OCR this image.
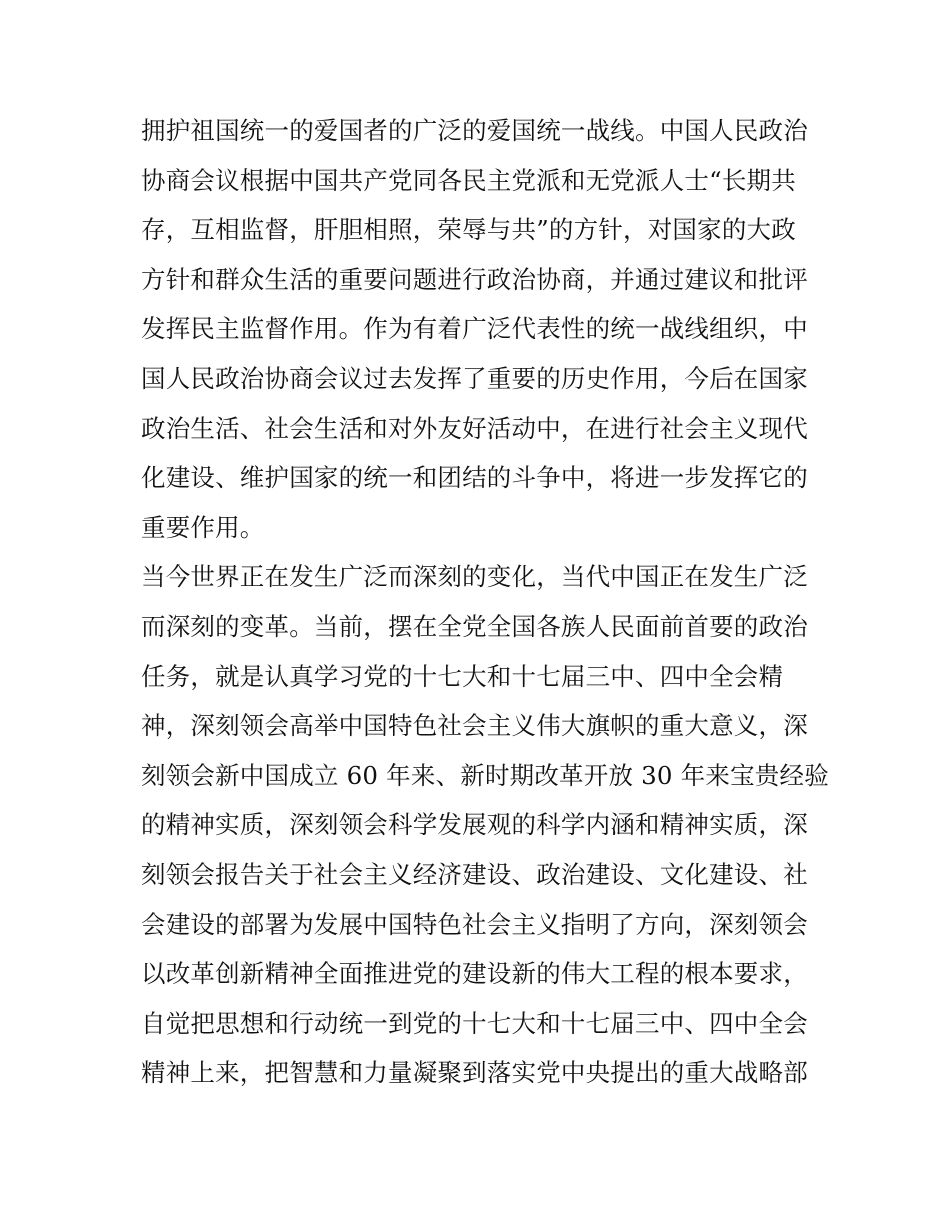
拥护祖国统一的爱国者的广泛的爱国统一战线。中国人民政治
协商会议根据中国共产党同各民主党派和无党派人士“长期共
存，互相监督，肝胆相照，荣辱与共”的方针，对国家的大政
方针和群众生活的重要问题进行政治协商，并通过建议和批评
发挥民主监督作用。作为有着广泛代表性的统一战线组织，中
国人民政治协商会议过去发挥了重要的历史作用，今后在国家
政治生活、社会生活和对外友好活动中，在进行社会主义现代
化建设、维护国家的统一和团结的斗争中，将进一步发挥它的
重要作用。
当今世界正在发生广泛而深刻的变化，当代中国正在发生广泛
而深刻的变革。当前，摆在全党全国各族人民面前首要的政治
任务，就是认真学习党的十七大和十七届三中、四中全会精
神，深刻领会高举中国特色社会主义伟大旗帜的重大意义，深
刻领会新中国成立 60 年来、新时期改革开放 30 年来宝贵经验
的精神实质，深刻领会科学发展观的科学内涵和精神实质，深
刻领会报告关于社会主义经济建设、政治建设、文化建设、社
会建设的部署为发展中国特色社会主义指明了方向，深刻领会
以改革创新精神全面推进党的建设新的伟大工程的根本要求，
自觉把思想和行动统一到党的十七大和十七届三中、四中全会
精神上来，把智慧和力量凝聚到落实党中央提出的重大战略部
